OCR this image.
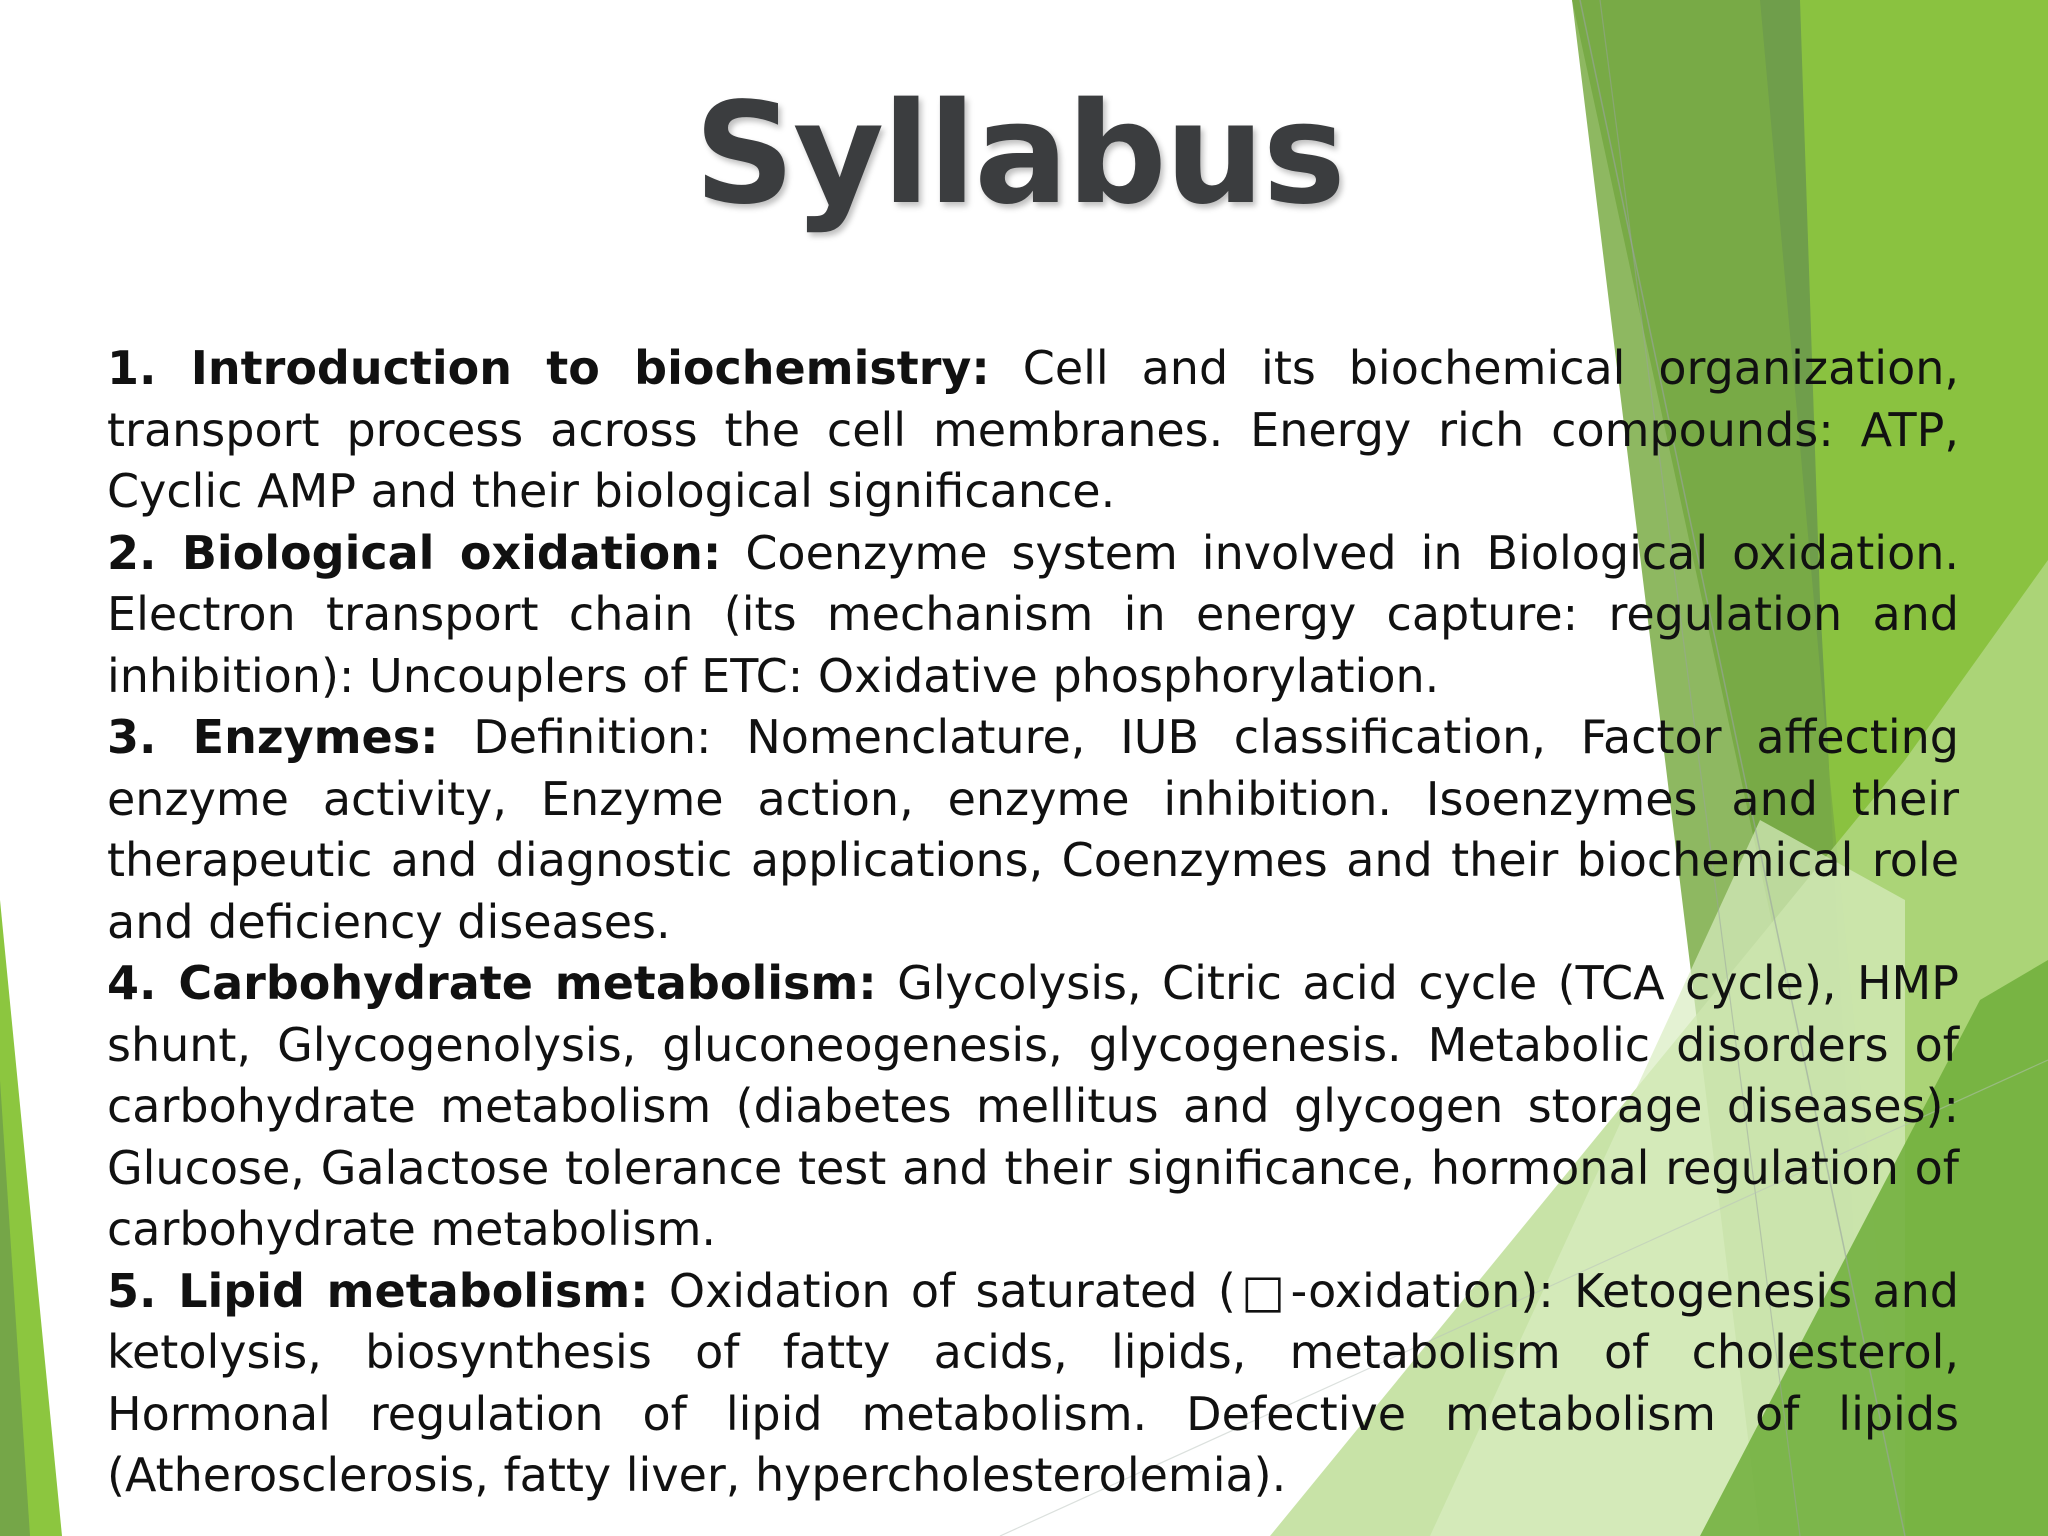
Syllabus

1. Introduction to biochemistry: Cell and its biochemical organization, transport process across the cell membranes. Energy rich compounds: ATP, Cyclic AMP and their biological significance.

2. Biological oxidation: Coenzyme system involved in Biological oxidation. Electron transport chain (its mechanism in energy capture: regulation and inhibition): Uncouplers of ETC: Oxidative phosphorylation.

3. Enzymes: Definition: Nomenclature, IUB classification, Factor affecting enzyme activity, Enzyme action, enzyme inhibition. Isoenzymes and their therapeutic and diagnostic applications, Coenzymes and their biochemical role and deficiency diseases.

4. Carbohydrate metabolism: Glycolysis, Citric acid cycle (TCA cycle), HMP shunt, Glycogenolysis, gluconeogenesis, glycogenesis. Metabolic disorders of carbohydrate metabolism (diabetes mellitus and glycogen storage diseases): Glucose, Galactose tolerance test and their significance, hormonal regulation of carbohydrate metabolism.

5. Lipid metabolism: Oxidation of saturated (□-oxidation): Ketogenesis and ketolysis, biosynthesis of fatty acids, lipids, metabolism of cholesterol, Hormonal regulation of lipid metabolism. Defective metabolism of lipids (Atherosclerosis, fatty liver, hypercholesterolemia).
